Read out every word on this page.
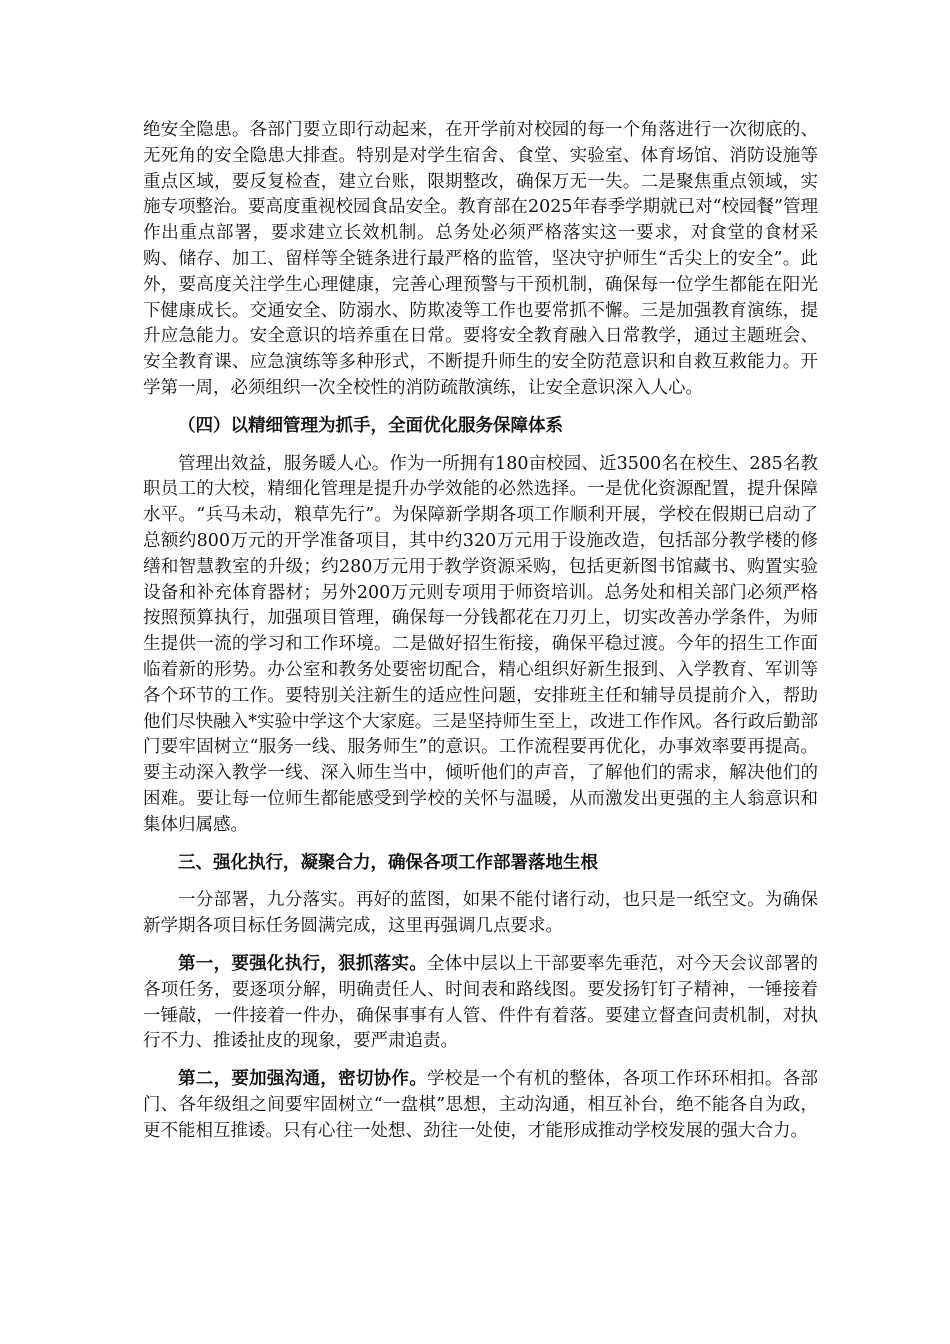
绝安全隐患。各部门要立即行动起来，在开学前对校园的每一个角落进行一次彻底的、无死角的安全隐患大排查。特别是对学生宿舍、食堂、实验室、体育场馆、消防设施等重点区域，要反复检查，建立台账，限期整改，确保万无一失。二是聚焦重点领域，实施专项整治。要高度重视校园食品安全。教育部在2025年春季学期就已对“校园餐”管理作出重点部署，要求建立长效机制。总务处必须严格落实这一要求，对食堂的食材采购、储存、加工、留样等全链条进行最严格的监管，坚决守护师生“舌尖上的安全”。此外，要高度关注学生心理健康，完善心理预警与干预机制，确保每一位学生都能在阳光下健康成长。交通安全、防溺水、防欺凌等工作也要常抓不懈。三是加强教育演练，提升应急能力。安全意识的培养重在日常。要将安全教育融入日常教学，通过主题班会、安全教育课、应急演练等多种形式，不断提升师生的安全防范意识和自救互救能力。开学第一周，必须组织一次全校性的消防疏散演练，让安全意识深入人心。

（四）以精细管理为抓手，全面优化服务保障体系

管理出效益，服务暖人心。作为一所拥有180亩校园、近3500名在校生、285名教职员工的大校，精细化管理是提升办学效能的必然选择。一是优化资源配置，提升保障水平。“兵马未动，粮草先行”。为保障新学期各项工作顺利开展，学校在假期已启动了总额约800万元的开学准备项目，其中约320万元用于设施改造，包括部分教学楼的修缮和智慧教室的升级；约280万元用于教学资源采购，包括更新图书馆藏书、购置实验设备和补充体育器材；另外200万元则专项用于师资培训。总务处和相关部门必须严格按照预算执行，加强项目管理，确保每一分钱都花在刀刃上，切实改善办学条件，为师生提供一流的学习和工作环境。二是做好招生衔接，确保平稳过渡。今年的招生工作面临着新的形势。办公室和教务处要密切配合，精心组织好新生报到、入学教育、军训等各个环节的工作。要特别关注新生的适应性问题，安排班主任和辅导员提前介入，帮助他们尽快融入*实验中学这个大家庭。三是坚持师生至上，改进工作作风。各行政后勤部门要牢固树立“服务一线、服务师生”的意识。工作流程要再优化，办事效率要再提高。要主动深入教学一线、深入师生当中，倾听他们的声音，了解他们的需求，解决他们的困难。要让每一位师生都能感受到学校的关怀与温暖，从而激发出更强的主人翁意识和集体归属感。

三、强化执行，凝聚合力，确保各项工作部署落地生根

一分部署，九分落实。再好的蓝图，如果不能付诸行动，也只是一纸空文。为确保新学期各项目标任务圆满完成，这里再强调几点要求。

第一，要强化执行，狠抓落实。全体中层以上干部要率先垂范，对今天会议部署的各项任务，要逐项分解，明确责任人、时间表和路线图。要发扬钉钉子精神，一锤接着一锤敲，一件接着一件办，确保事事有人管、件件有着落。要建立督查问责机制，对执行不力、推诿扯皮的现象，要严肃追责。

第二，要加强沟通，密切协作。学校是一个有机的整体，各项工作环环相扣。各部门、各年级组之间要牢固树立“一盘棋”思想，主动沟通，相互补台，绝不能各自为政，更不能相互推诿。只有心往一处想、劲往一处使，才能形成推动学校发展的强大合力。
